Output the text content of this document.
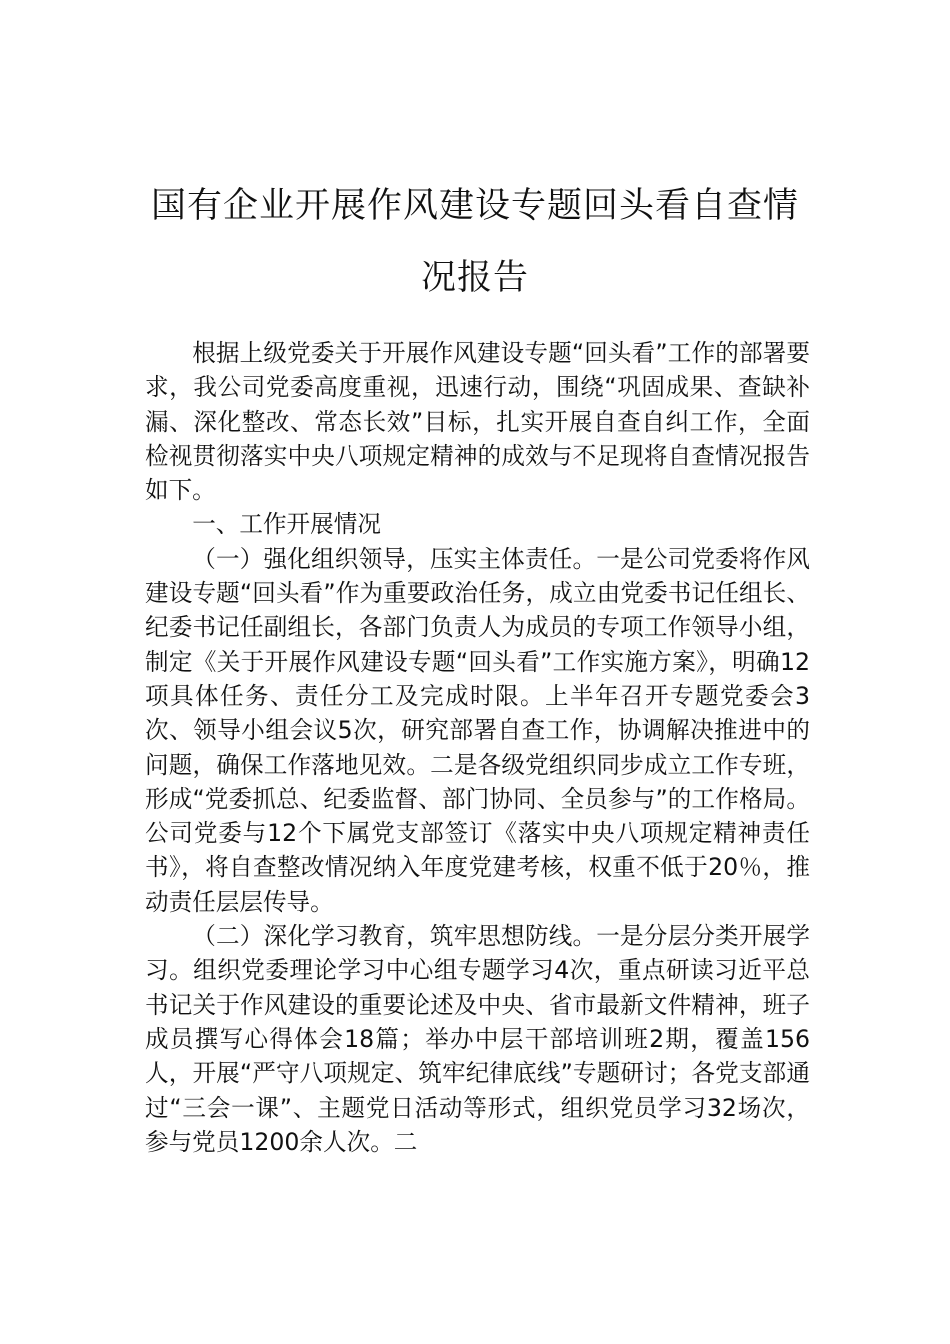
国有企业开展作风建设专题回头看自查情
况报告

根据上级党委关于开展作风建设专题“回头看”工作的部署要求，我公司党委高度重视，迅速行动，围绕“巩固成果、查缺补漏、深化整改、常态长效”目标，扎实开展自查自纠工作，全面检视贯彻落实中央八项规定精神的成效与不足现将自查情况报告如下。

一、工作开展情况

（一）强化组织领导，压实主体责任。一是公司党委将作风建设专题“回头看”作为重要政治任务，成立由党委书记任组长、纪委书记任副组长，各部门负责人为成员的专项工作领导小组，制定《关于开展作风建设专题“回头看”工作实施方案》，明确12项具体任务、责任分工及完成时限。上半年召开专题党委会3次、领导小组会议5次，研究部署自查工作，协调解决推进中的问题，确保工作落地见效。二是各级党组织同步成立工作专班，形成“党委抓总、纪委监督、部门协同、全员参与”的工作格局。公司党委与12个下属党支部签订《落实中央八项规定精神责任书》，将自查整改情况纳入年度党建考核，权重不低于20％，推动责任层层传导。

（二）深化学习教育，筑牢思想防线。一是分层分类开展学习。组织党委理论学习中心组专题学习4次，重点研读习近平总书记关于作风建设的重要论述及中央、省市最新文件精神，班子成员撰写心得体会18篇；举办中层干部培训班2期，覆盖156人，开展“严守八项规定、筑牢纪律底线”专题研讨；各党支部通过“三会一课”、主题党日活动等形式，组织党员学习32场次，参与党员1200余人次。二
